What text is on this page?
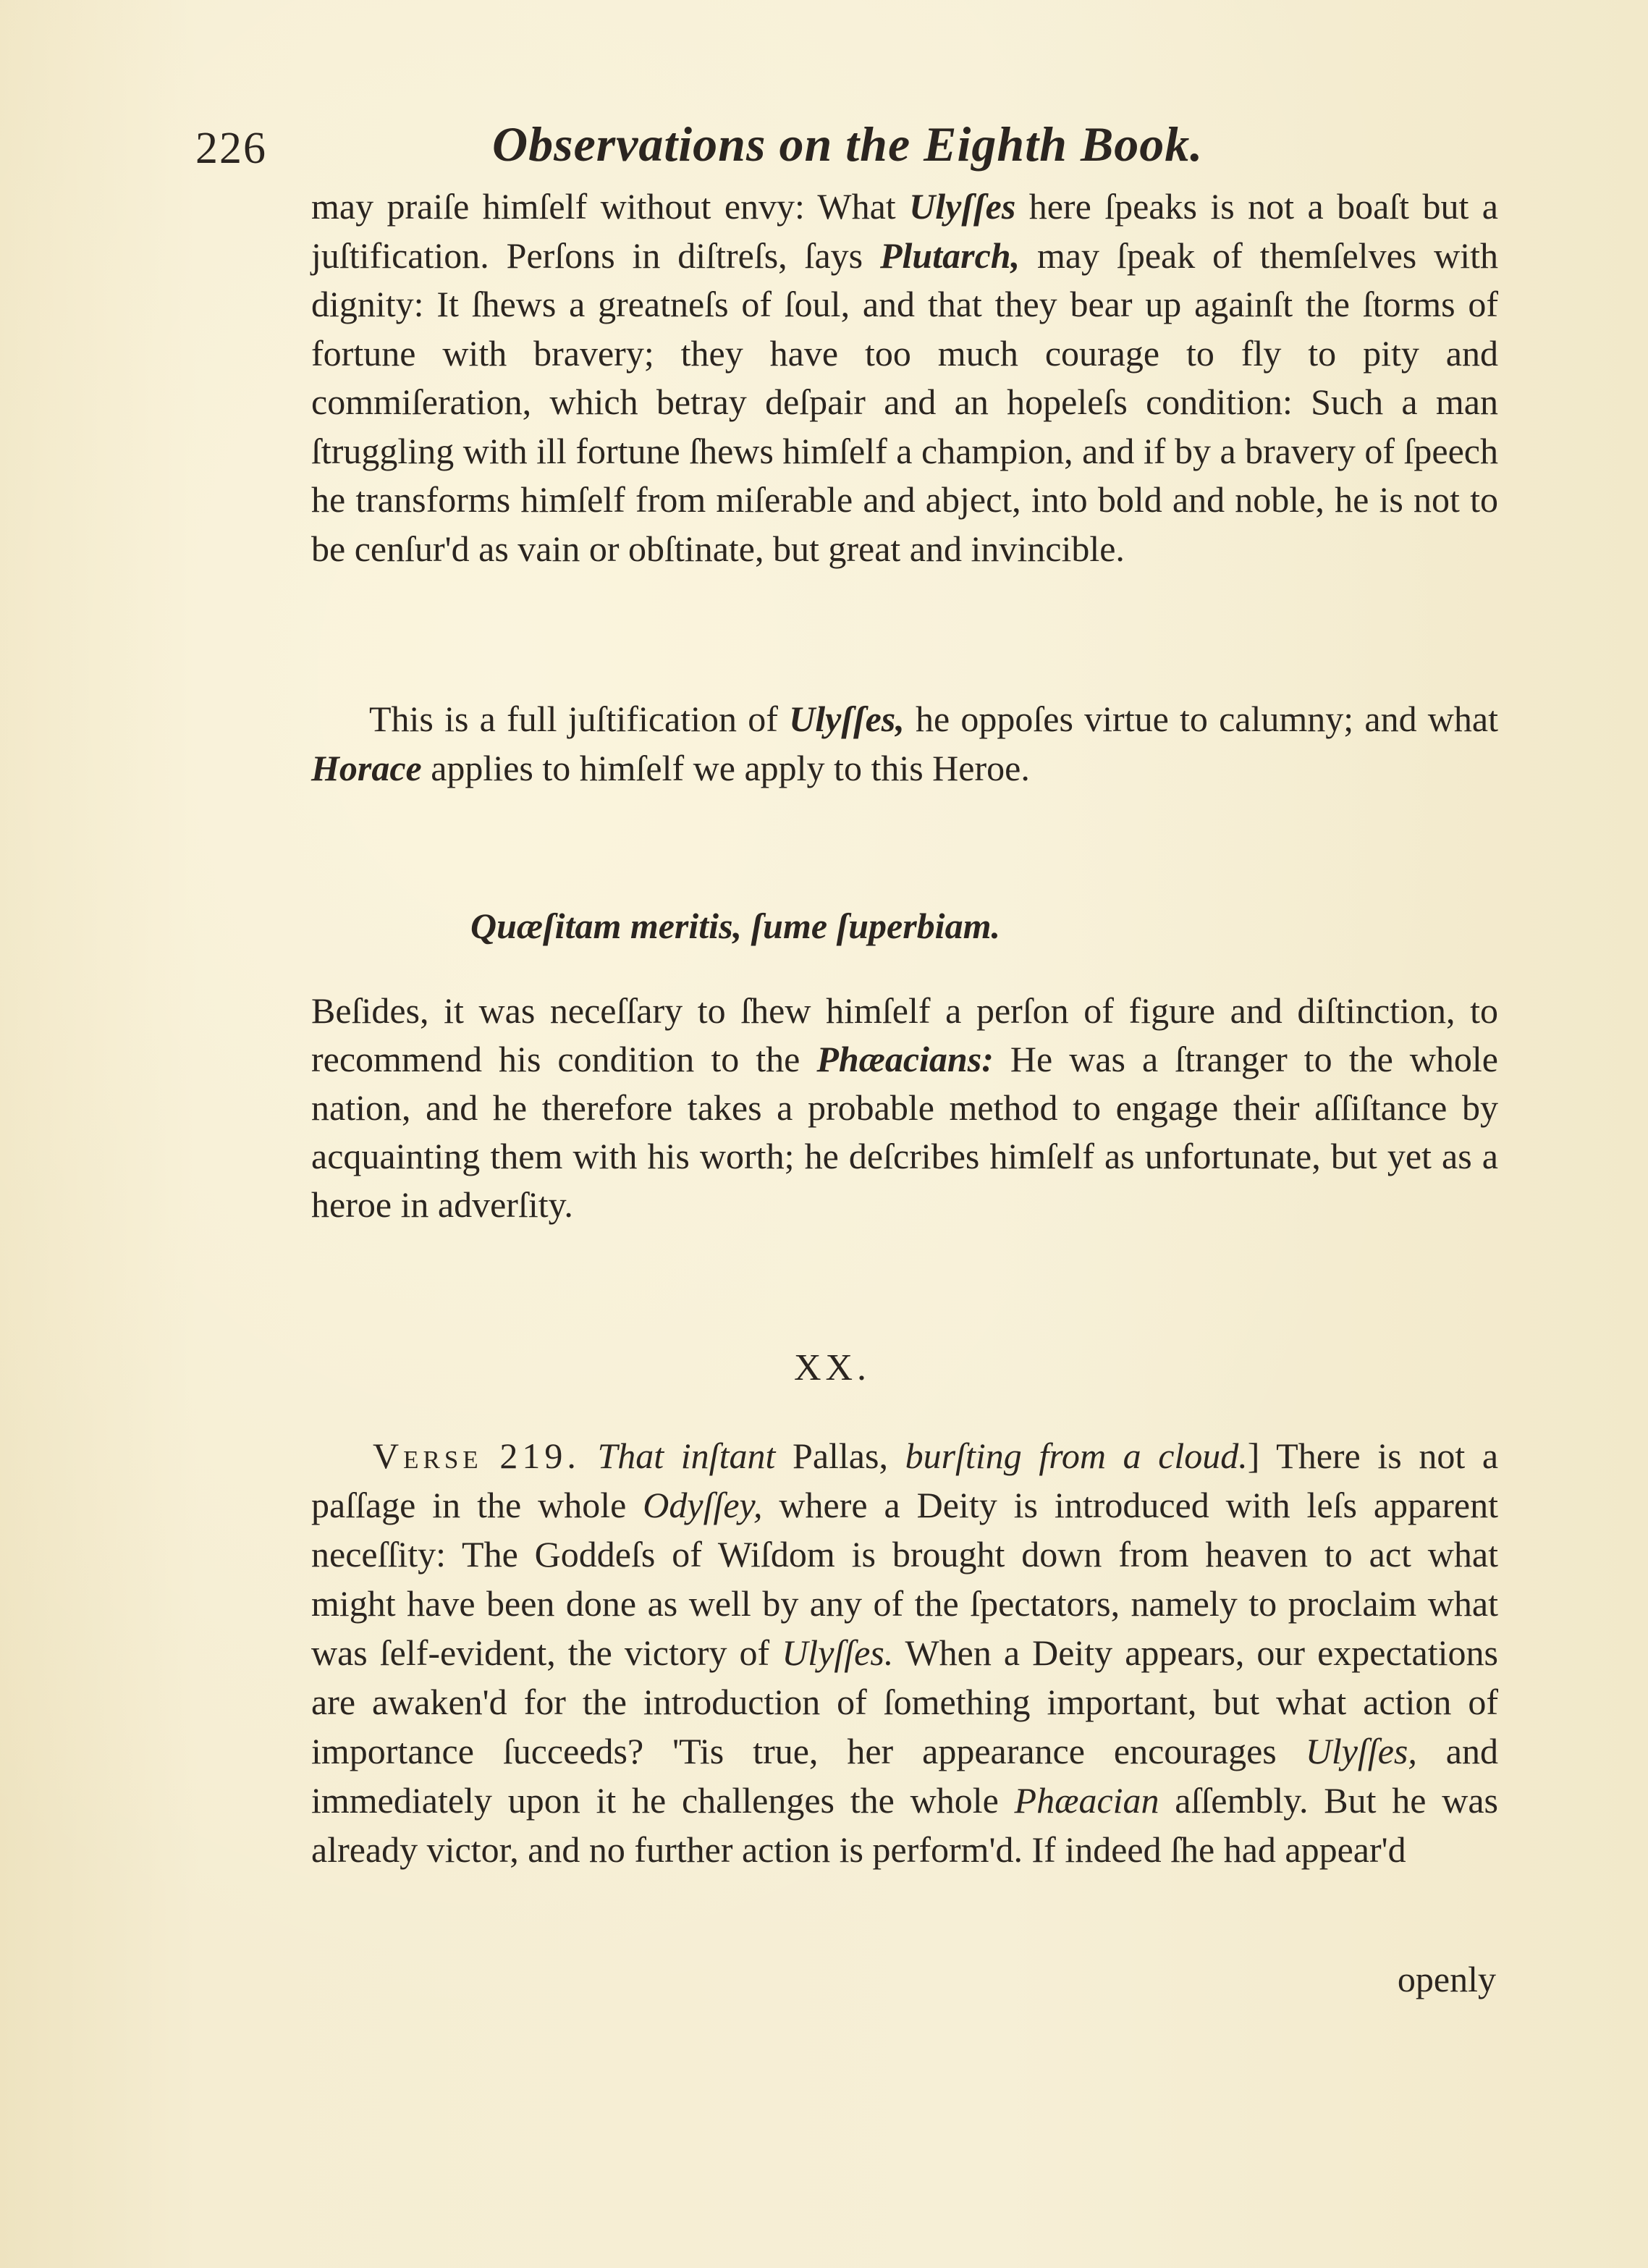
226	Observations on the Eighth Book.
may praiſe himſelf without envy: What Ulyſſes here ſpeaks is not a boaſt but a juſtification. Perſons in diſtreſs, ſays Plutarch, may ſpeak of themſelves with dignity: It ſhews a greatneſs of ſoul, and that they bear up againſt the ſtorms of fortune with bravery; they have too much courage to fly to pity and commiſeration, which betray deſpair and an hopeleſs condition: Such a man ſtruggling with ill fortune ſhews himſelf a champion, and if by a bravery of ſpeech he transforms himſelf from miſerable and abject, into bold and noble, he is not to be cenſur'd as vain or obſtinate, but great and invincible.
This is a full juſtification of Ulyſſes, he oppoſes virtue to calumny; and what Horace applies to himſelf we apply to this Heroe.
Quæſitam meritis, ſume ſuperbiam.
Beſides, it was neceſſary to ſhew himſelf a perſon of figure and diſtinction, to recommend his condition to the Phæacians: He was a ſtranger to the whole nation, and he therefore takes a probable method to engage their aſſiſtance by acquainting them with his worth; he deſcribes himſelf as unfortunate, but yet as a heroe in adverſity.
XX.
Verse 219. That inſtant Pallas, burſting from a cloud.] There is not a paſſage in the whole Odyſſey, where a Deity is introduced with leſs apparent neceſſity: The Goddeſs of Wiſdom is brought down from heaven to act what might have been done as well by any of the ſpectators, namely to proclaim what was ſelf-evident, the victory of Ulyſſes. When a Deity appears, our expectations are awaken'd for the introduction of ſomething important, but what action of importance ſucceeds? 'Tis true, her appearance encourages Ulyſſes, and immediately upon it he challenges the whole Phæacian aſſembly. But he was already victor, and no further action is perform'd. If indeed ſhe had appear'd
openly
